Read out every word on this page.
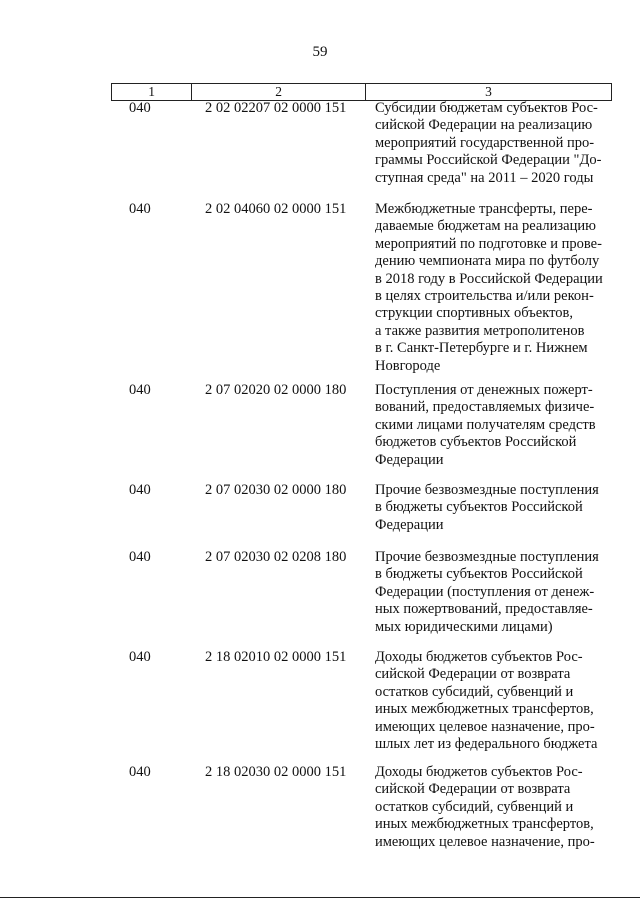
59
1	2	3
040	2 02 02207 02 0000 151	Субсидии бюджетам субъектов Рос-
сийской Федерации на реализацию
мероприятий государственной про-
граммы Российской Федерации "До-
ступная среда" на 2011 – 2020 годы
040	2 02 04060 02 0000 151	Межбюджетные трансферты, пере-
даваемые бюджетам на реализацию
мероприятий по подготовке и прове-
дению чемпионата мира по футболу
в 2018 году в Российской Федерации
в целях строительства и/или рекон-
струкции спортивных объектов,
а также развития метрополитенов
в г. Санкт-Петербурге и г. Нижнем
Новгороде
040	2 07 02020 02 0000 180	Поступления от денежных пожерт-
вований, предоставляемых физиче-
скими лицами получателям средств
бюджетов субъектов Российской
Федерации
040	2 07 02030 02 0000 180	Прочие безвозмездные поступления
в бюджеты субъектов Российской
Федерации
040	2 07 02030 02 0208 180	Прочие безвозмездные поступления
в бюджеты субъектов Российской
Федерации (поступления от денеж-
ных пожертвований, предоставляе-
мых юридическими лицами)
040	2 18 02010 02 0000 151	Доходы бюджетов субъектов Рос-
сийской Федерации от возврата
остатков субсидий, субвенций и
иных межбюджетных трансфертов,
имеющих целевое назначение, про-
шлых лет из федерального бюджета
040	2 18 02030 02 0000 151	Доходы бюджетов субъектов Рос-
сийской Федерации от возврата
остатков субсидий, субвенций и
иных межбюджетных трансфертов,
имеющих целевое назначение, про-
